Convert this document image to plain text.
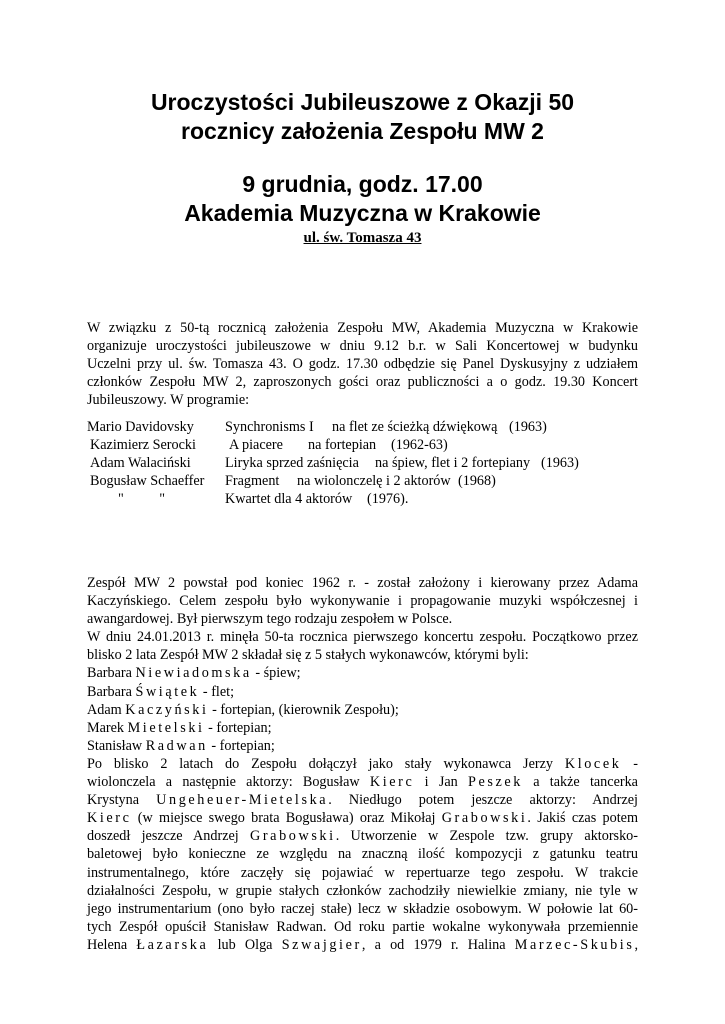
Uroczystości Jubileuszowe z Okazji 50
rocznicy założenia Zespołu MW 2
9 grudnia, godz. 17.00
Akademia Muzyczna w Krakowie
ul. św. Tomasza 43
W związku z 50-tą rocznicą założenia Zespołu MW, Akademia Muzyczna w Krakowie
organizuje uroczystości jubileuszowe w dniu 9.12 b.r. w Sali Koncertowej w budynku
Uczelni przy ul. św. Tomasza 43. O godz. 17.30 odbędzie się Panel Dyskusyjny z udziałem
członków Zespołu MW 2, zaproszonych gości oraz publiczności a o godz. 19.30 Koncert
Jubileuszowy. W programie:
Mario Davidovsky Synchronisms I na flet ze ścieżką dźwiękową (1963)
Kazimierz Serocki A piacere na fortepian (1962-63)
Adam Walaciński Liryka sprzed zaśnięcia na śpiew, flet i 2 fortepiany (1963)
Bogusław Schaeffer Fragment na wiolonczelę i 2 aktorów (1968)
"          "	Kwartet dla 4 aktorów (1976).
Zespół MW 2 powstał pod koniec 1962 r. - został założony i kierowany przez Adama
Kaczyńskiego. Celem zespołu było wykonywanie i propagowanie muzyki współczesnej i
awangardowej. Był pierwszym tego rodzaju zespołem w Polsce.
W dniu 24.01.2013 r. minęła 50-ta rocznica pierwszego koncertu zespołu. Początkowo przez
blisko 2 lata Zespół MW 2 składał się z 5 stałych wykonawców, którymi byli:
Barbara Niewiadomska - śpiew;
Barbara Świątek - flet;
Adam Kaczyński - fortepian, (kierownik Zespołu);
Marek Mietelski - fortepian;
Stanisław Radwan - fortepian;
Po blisko 2 latach do Zespołu dołączył jako stały wykonawca Jerzy Klocek -
wiolonczela a następnie aktorzy: Bogusław Kierc i Jan Peszek a także tancerka
Krystyna Ungeheuer-Mietelska. Niedługo potem jeszcze aktorzy: Andrzej
Kierc (w miejsce swego brata Bogusława) oraz Mikołaj Grabowski. Jakiś czas potem
doszedł jeszcze Andrzej Grabowski. Utworzenie w Zespole tzw. grupy aktorsko-
baletowej było konieczne ze względu na znaczną ilość kompozycji z gatunku teatru
instrumentalnego, które zaczęły się pojawiać w repertuarze tego zespołu. W trakcie
działalności Zespołu, w grupie stałych członków zachodziły niewielkie zmiany, nie tyle w
jego instrumentarium (ono było raczej stałe) lecz w składzie osobowym. W połowie lat 60-
tych Zespół opuścił Stanisław Radwan. Od roku partie wokalne wykonywała przemiennie
Helena Łazarska lub Olga Szwajgier, a od 1979 r. Halina Marzec-Skubis,
